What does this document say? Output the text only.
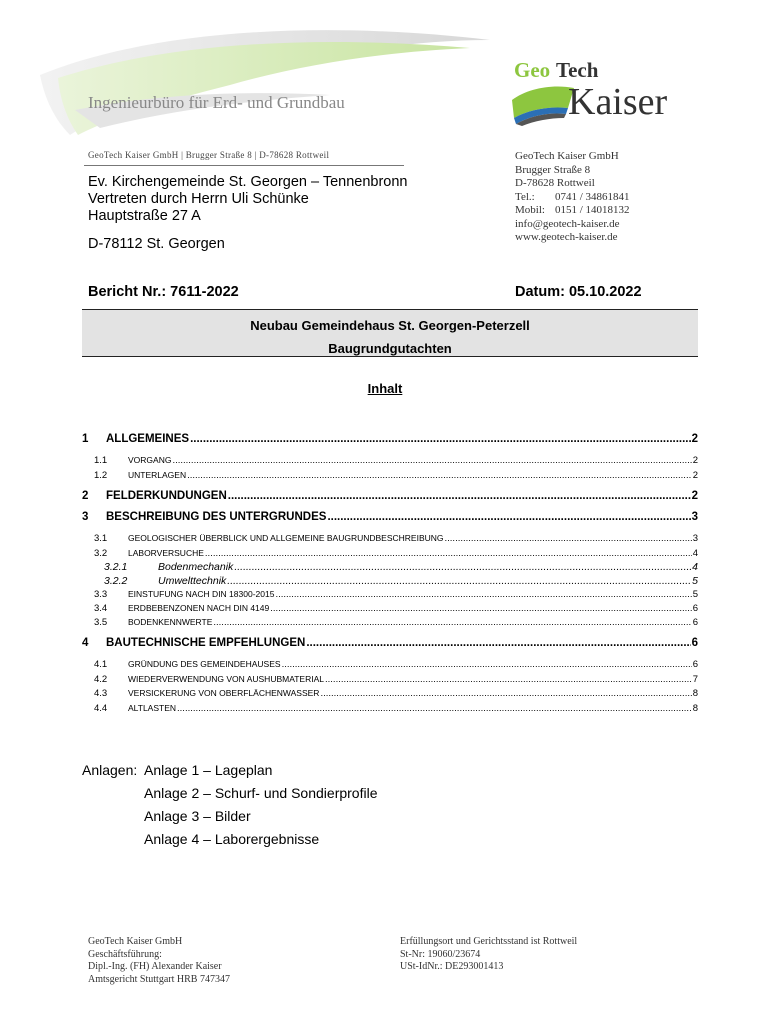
Geo Tech
Kaiser
Ingenieurbüro für Erd- und Grundbau
GeoTech Kaiser GmbH | Brugger Straße 8 | D-78628 Rottweil
Ev. Kirchengemeinde St. Georgen – Tennenbronn
Vertreten durch Herrn Uli Schünke
Hauptstraße 27 A
D-78112 St. Georgen
GeoTech Kaiser GmbH
Brugger Straße 8
D-78628 Rottweil
Tel.: 0741 / 34861841
Mobil: 0151 / 14018132
info@geotech-kaiser.de
www.geotech-kaiser.de
Bericht Nr.: 7611-2022	Datum: 05.10.2022
Neubau Gemeindehaus St. Georgen-Peterzell
Baugrundgutachten
Inhalt
1	ALLGEMEINES .....	2
1.1	VORGANG .....	2
1.2	UNTERLAGEN .....	2
2	FELDERKUNDUNGEN .....	2
3	BESCHREIBUNG DES UNTERGRUNDES .....	3
3.1	GEOLOGISCHER ÜBERBLICK UND ALLGEMEINE BAUGRUNDBESCHREIBUNG .....	3
3.2	LABORVERSUCHE .....	4
3.2.1	Bodenmechanik .....	4
3.2.2	Umwelttechnik .....	5
3.3	EINSTUFUNG NACH DIN 18300-2015 .....	5
3.4	ERDBEBENZONEN NACH DIN 4149 .....	6
3.5	BODENKENNWERTE .....	6
4	BAUTECHNISCHE EMPFEHLUNGEN .....	6
4.1	GRÜNDUNG DES GEMEINDEHAUSES .....	6
4.2	WIEDERVERWENDUNG VON AUSHUBMATERIAL .....	7
4.3	VERSICKERUNG VON OBERFLÄCHENWASSER .....	8
4.4	ALTLASTEN .....	8
Anlagen: Anlage 1 – Lageplan
Anlage 2 – Schurf- und Sondierprofile
Anlage 3 – Bilder
Anlage 4 – Laborergebnisse
GeoTech Kaiser GmbH
Geschäftsführung:
Dipl.-Ing. (FH) Alexander Kaiser
Amtsgericht Stuttgart HRB 747347
Erfüllungsort und Gerichtsstand ist Rottweil
St-Nr: 19060/23674
USt-IdNr.: DE293001413
